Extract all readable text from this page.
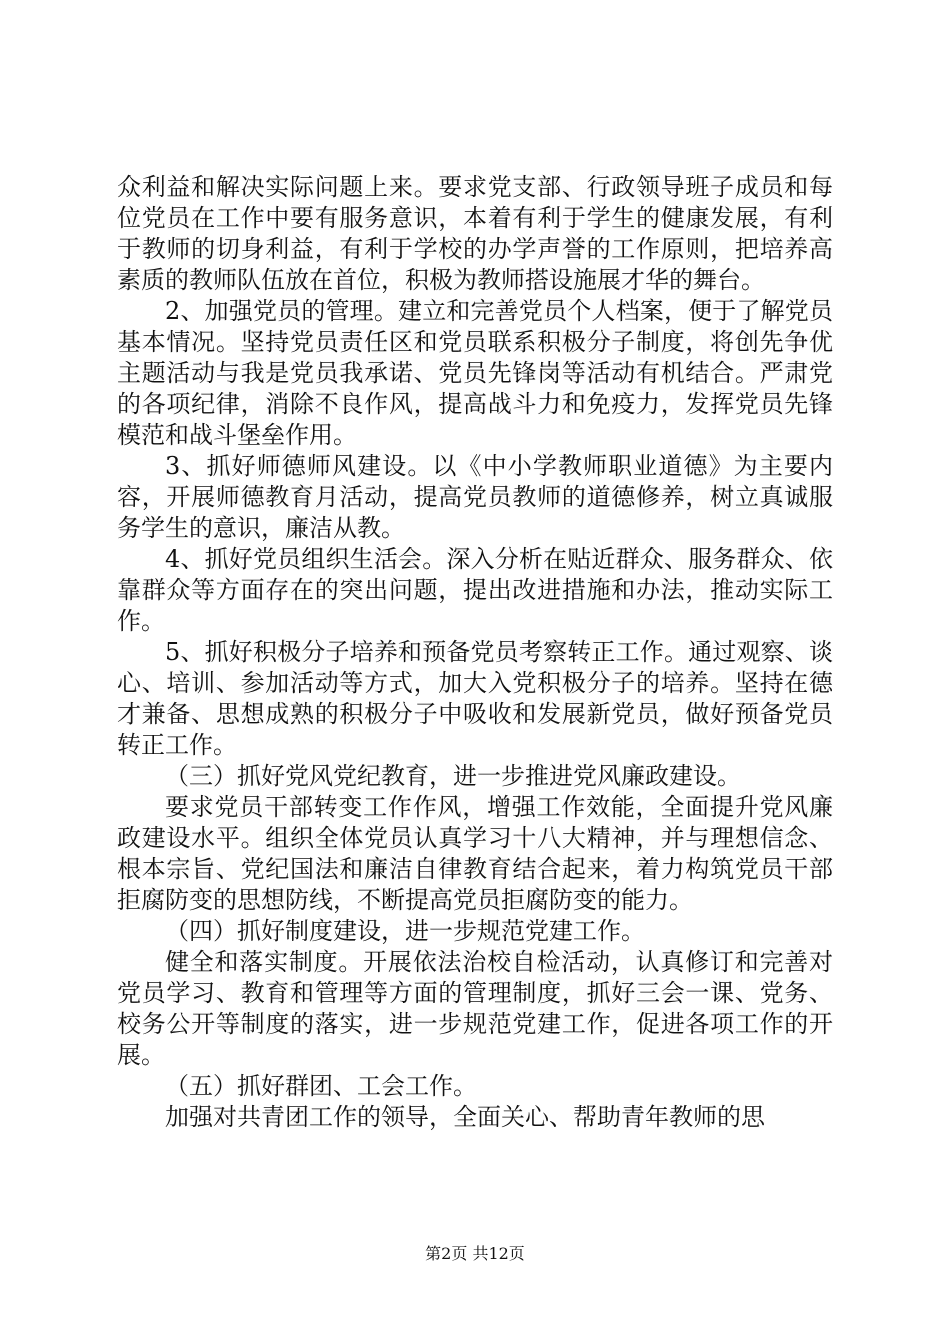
众利益和解决实际问题上来。要求党支部、行政领导班子成员和每位党员在工作中要有服务意识，本着有利于学生的健康发展，有利于教师的切身利益，有利于学校的办学声誉的工作原则，把培养高素质的教师队伍放在首位，积极为教师搭设施展才华的舞台。

2、加强党员的管理。建立和完善党员个人档案，便于了解党员基本情况。坚持党员责任区和党员联系积极分子制度，将创先争优主题活动与我是党员我承诺、党员先锋岗等活动有机结合。严肃党的各项纪律，消除不良作风，提高战斗力和免疫力，发挥党员先锋模范和战斗堡垒作用。

3、抓好师德师风建设。以《中小学教师职业道德》为主要内容，开展师德教育月活动，提高党员教师的道德修养，树立真诚服务学生的意识，廉洁从教。

4、抓好党员组织生活会。深入分析在贴近群众、服务群众、依靠群众等方面存在的突出问题，提出改进措施和办法，推动实际工作。

5、抓好积极分子培养和预备党员考察转正工作。通过观察、谈心、培训、参加活动等方式，加大入党积极分子的培养。坚持在德才兼备、思想成熟的积极分子中吸收和发展新党员，做好预备党员转正工作。

（三）抓好党风党纪教育，进一步推进党风廉政建设。

要求党员干部转变工作作风，增强工作效能，全面提升党风廉政建设水平。组织全体党员认真学习十八大精神，并与理想信念、根本宗旨、党纪国法和廉洁自律教育结合起来，着力构筑党员干部拒腐防变的思想防线，不断提高党员拒腐防变的能力。

（四）抓好制度建设，进一步规范党建工作。

健全和落实制度。开展依法治校自检活动，认真修订和完善对党员学习、教育和管理等方面的管理制度，抓好三会一课、党务、校务公开等制度的落实，进一步规范党建工作，促进各项工作的开展。

（五）抓好群团、工会工作。

加强对共青团工作的领导，全面关心、帮助青年教师的思

第2页 共12页
